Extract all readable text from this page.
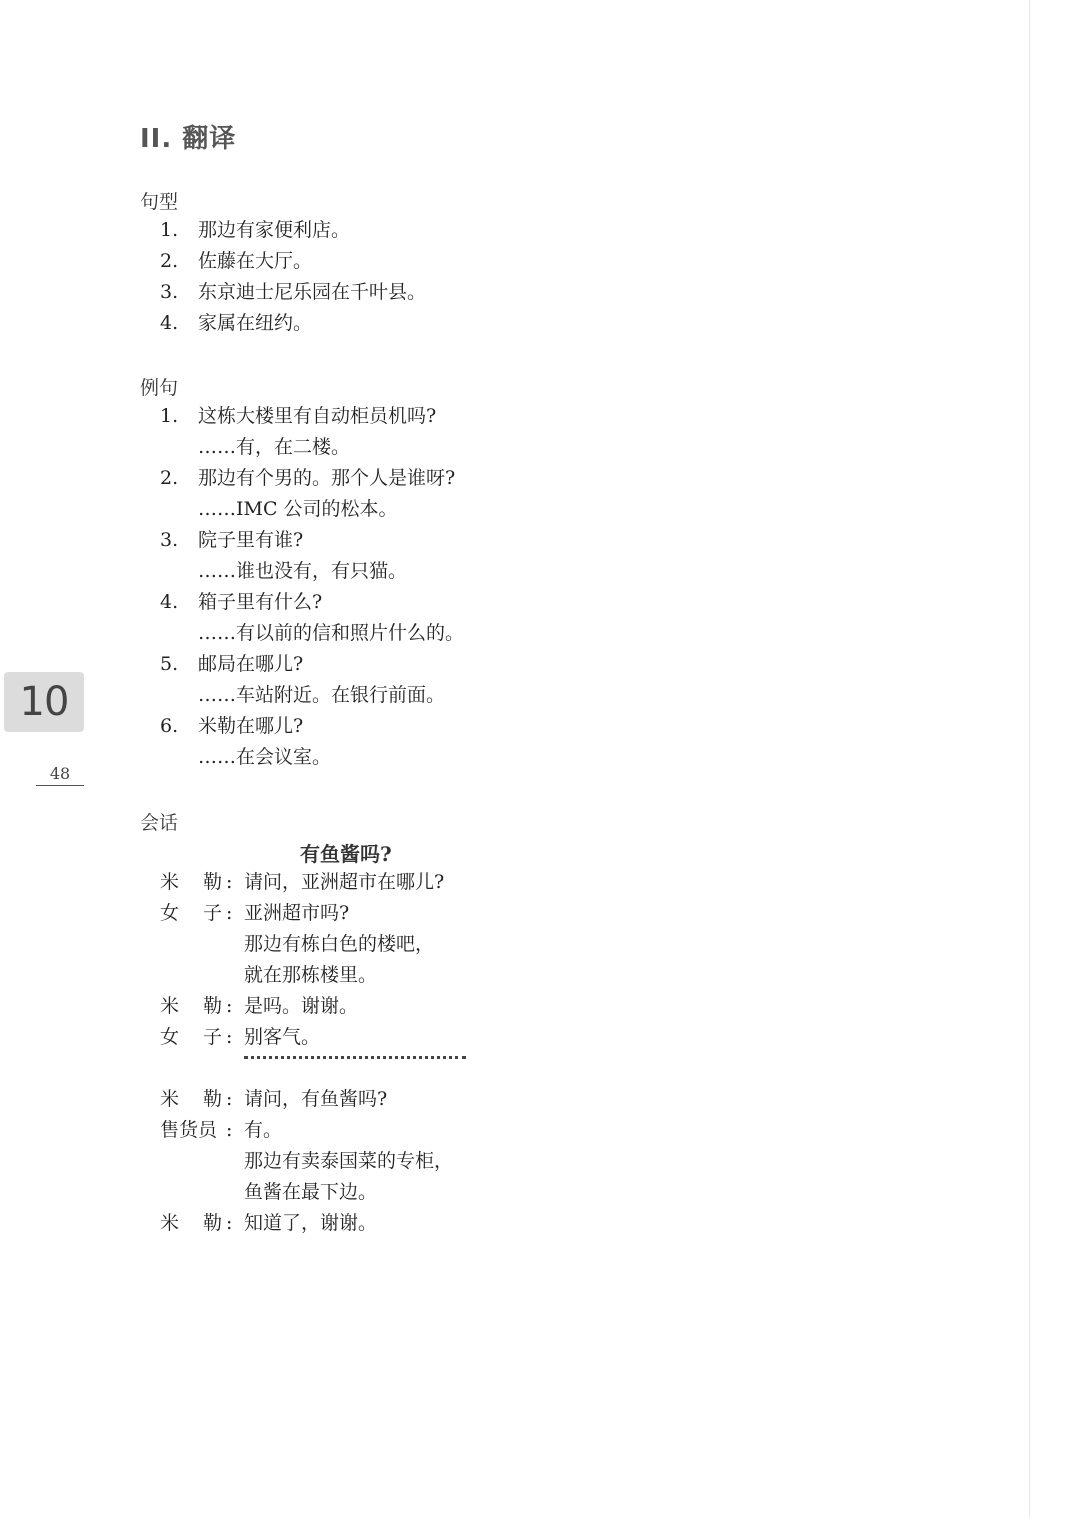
II. 翻译
句型
1. 那边有家便利店。
2. 佐藤在大厅。
3. 东京迪士尼乐园在千叶县。
4. 家属在纽约。
例句
1. 这栋大楼里有自动柜员机吗?
……有，在二楼。
2. 那边有个男的。那个人是谁呀?
……IMC 公司的松本。
3. 院子里有谁?
……谁也没有，有只猫。
4. 箱子里有什么?
……有以前的信和照片什么的。
5. 邮局在哪儿?
……车站附近。在银行前面。
6. 米勒在哪儿?
……在会议室。
10
48
会话
有鱼酱吗?
米 勒 : 请问，亚洲超市在哪儿?
女 子 : 亚洲超市吗?
那边有栋白色的楼吧，
就在那栋楼里。
米 勒 : 是吗。谢谢。
女 子 : 别客气。
米 勒 : 请问，有鱼酱吗?
售货员 : 有。
那边有卖泰国菜的专柜，
鱼酱在最下边。
米 勒 : 知道了，谢谢。
